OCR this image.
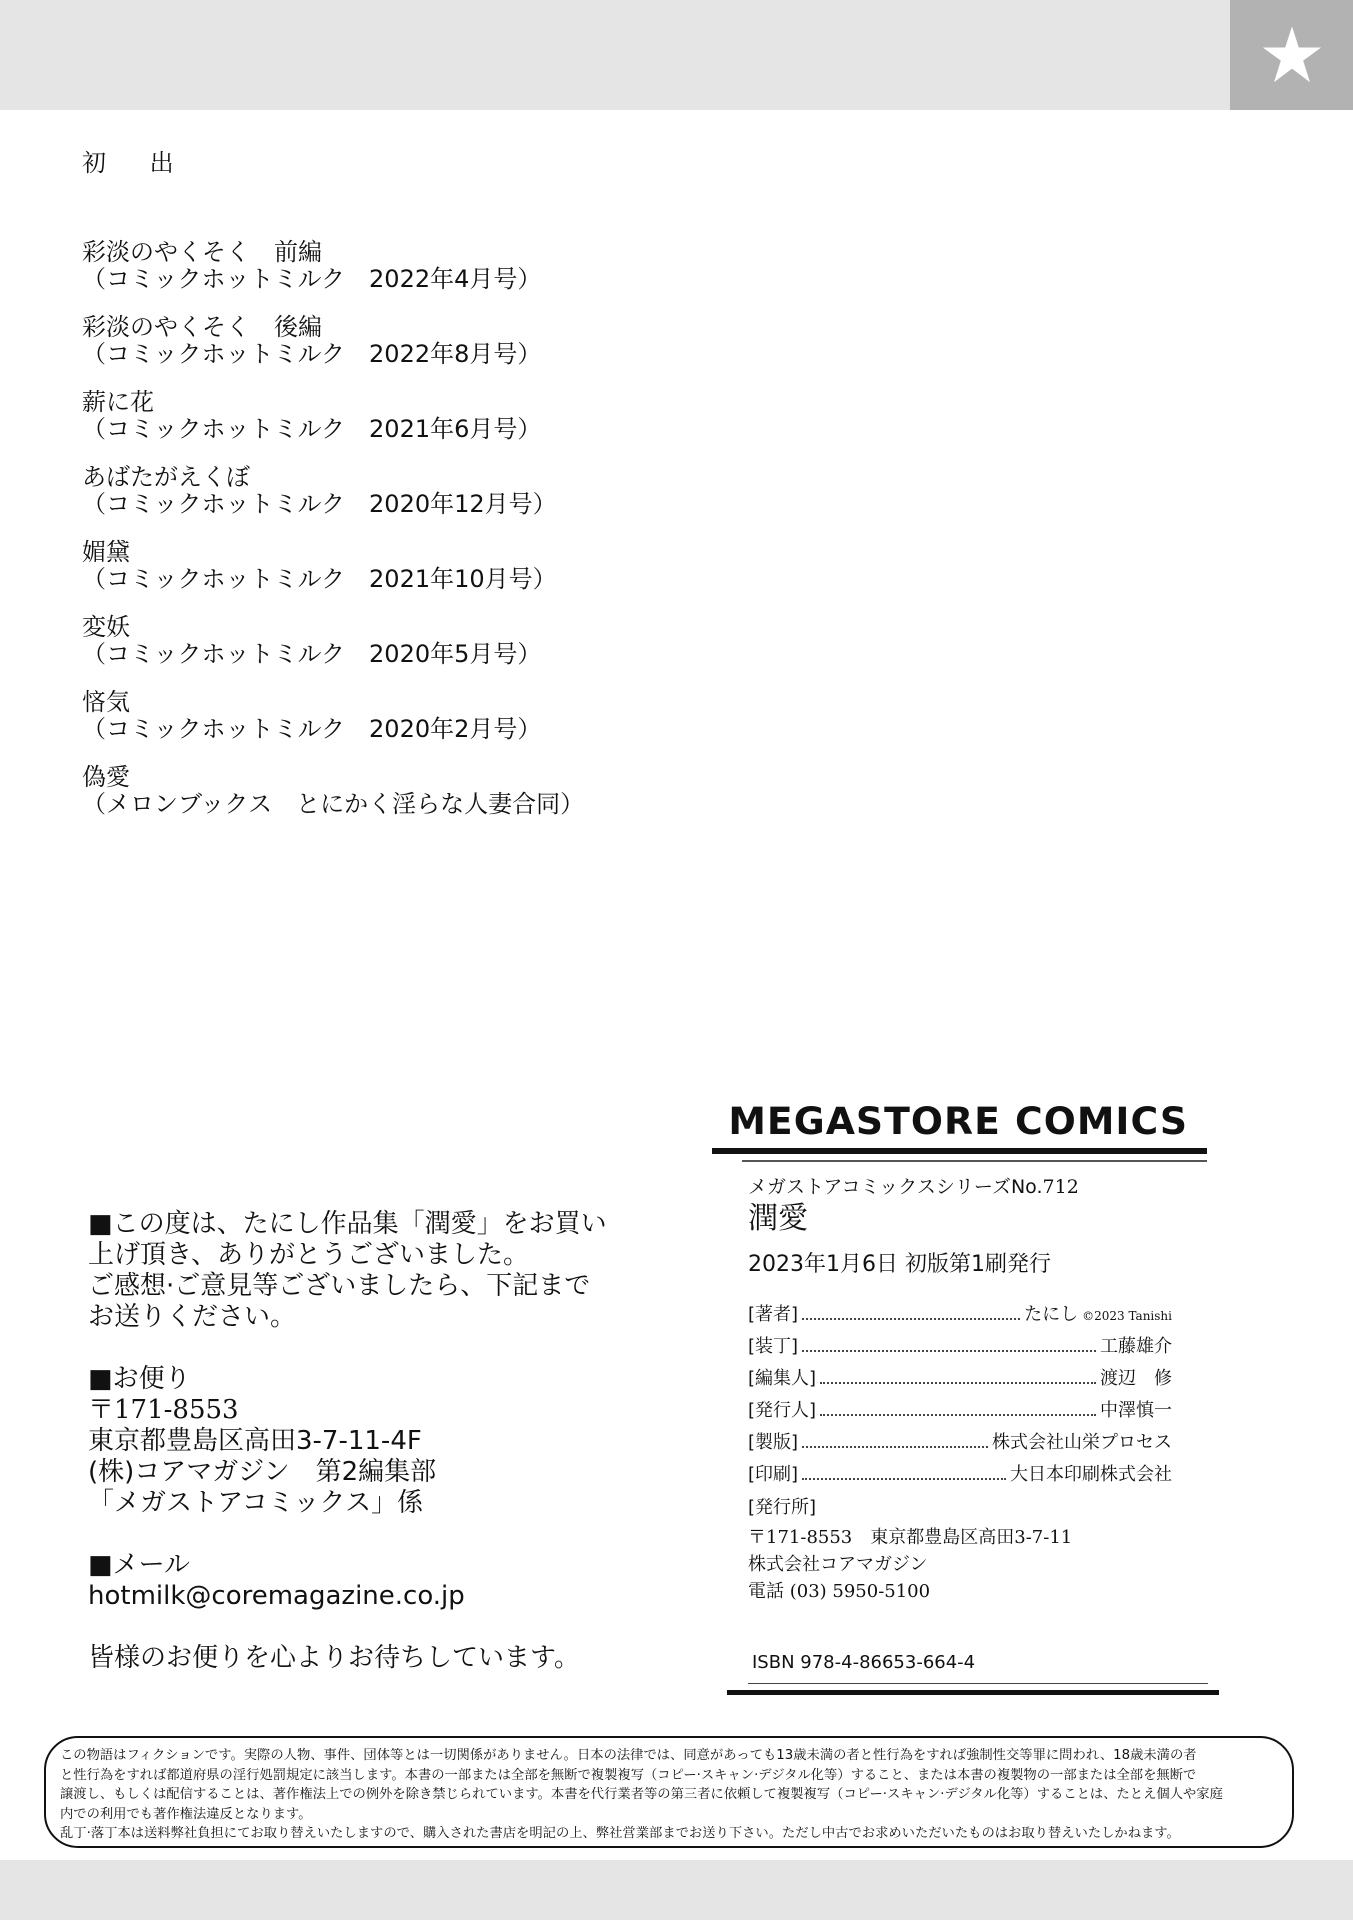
初 出
彩淡のやくそく　前編
（コミックホットミルク　2022年4月号）
彩淡のやくそく　後編
（コミックホットミルク　2022年8月号）
薪に花
（コミックホットミルク　2021年6月号）
あばたがえくぼ
（コミックホットミルク　2020年12月号）
媚黛
（コミックホットミルク　2021年10月号）
変妖
（コミックホットミルク　2020年5月号）
悋気
（コミックホットミルク　2020年2月号）
偽愛
（メロンブックス　とにかく淫らな人妻合同）
■この度は、たにし作品集「潤愛」をお買い
上げ頂き、ありがとうございました。
ご感想·ご意見等ございましたら、下記まで
お送りください。
■お便り
〒171-8553
東京都豊島区高田3-7-11-4F
(株)コアマガジン　第2編集部
「メガストアコミックス」係
■メール
hotmilk@coremagazine.co.jp
皆様のお便りを心よりお待ちしています。
MEGASTORE COMICS
メガストアコミックスシリーズNo.712
潤愛
2023年1月6日 初版第1刷発行
[著者]	たにし ©2023 Tanishi
[装丁]	工藤雄介
[編集人]	渡辺　修
[発行人]	中澤慎一
[製版]	株式会社山栄プロセス
[印刷]	大日本印刷株式会社
[発行所]
〒171-8553　東京都豊島区高田3-7-11
株式会社コアマガジン
電話 (03) 5950-5100
ISBN 978-4-86653-664-4
この物語はフィクションです。実際の人物、事件、団体等とは一切関係がありません。日本の法律では、同意があっても13歳未満の者と性行為をすれば強制性交等罪に問われ、18歳未満の者
と性行為をすれば都道府県の淫行処罰規定に該当します。本書の一部または全部を無断で複製複写（コピー·スキャン·デジタル化等）すること、または本書の複製物の一部または全部を無断で
譲渡し、もしくは配信することは、著作権法上での例外を除き禁じられています。本書を代行業者等の第三者に依頼して複製複写（コピー·スキャン·デジタル化等）することは、たとえ個人や家庭
内での利用でも著作権法違反となります。
乱丁·落丁本は送料弊社負担にてお取り替えいたしますので、購入された書店を明記の上、弊社営業部までお送り下さい。ただし中古でお求めいただいたものはお取り替えいたしかねます。
